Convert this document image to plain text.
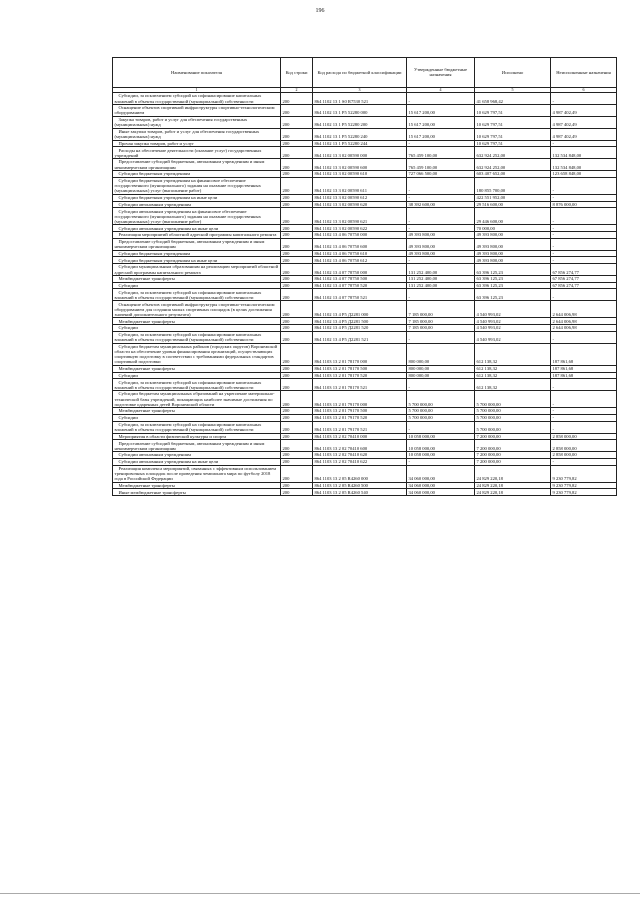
196
Наименование показателя	Код строки	Код расхода по бюджетной классификации	Утвержденные бюджетные назначения	Исполнено	Неисполненные назначения
1	2	3	4	5	6
Субсидии, за исключением субсидий на софинансирование капитальных вложений в объекты государственной (муниципальной) собственности	200	864 1102 13 1 S0 R7530 521	-	41 658 968,42	-
Оснащение объектов спортивной инфраструктуры спортивно-технологическим оборудованием	200	864 1102 13 1 P5 52280 000	15 617 200,00	10 629 797,51	4 987 402,49
Закупка товаров, работ и услуг для обеспечения государственных (муниципальных) нужд	200	864 1102 13 1 P5 52280 200	15 617 200,00	10 629 797,51	4 987 402,49
Иные закупки товаров, работ и услуг для обеспечения государственных (муниципальных) нужд	200	864 1102 13 1 P5 52280 240	15 617 200,00	10 629 797,51	4 987 402,49
Прочая закупка товаров, работ и услуг	200	864 1102 13 1 P5 52280 244	-	10 629 797,51	-
Расходы на обеспечение деятельности (оказание услуг) государственных учреждений	200	864 1102 13 3 02 00590 000	765 459 100,00	632 924 252,00	132 534 848,00
Предоставление субсидий бюджетным, автономным учреждениям и иным некоммерческим организациям	200	864 1102 13 3 02 00590 600	765 459 100,00	632 924 252,00	132 534 848,00
Субсидии бюджетным учреждениям	200	864 1102 13 3 02 00590 610	727 066 500,00	603 407 652,00	123 658 848,00
Субсидии бюджетным учреждениям на финансовое обеспечение государственного (муниципального) задания на оказание государственных (муниципальных) услуг (выполнение работ)	200	864 1102 13 3 02 00590 611	-	180 855 700,00	-
Субсидии бюджетным учреждениям на иные цели	200	864 1102 13 3 02 00590 612	-	422 551 952,00	-
Субсидии автономным учреждениям	200	864 1102 13 3 02 00590 620	38 392 600,00	29 516 600,00	8 876 000,00
Субсидии автономным учреждениям на финансовое обеспечение государственного (муниципального) задания на оказание государственных (муниципальных) услуг (выполнение работ)	200	864 1102 13 3 02 00590 621	-	29 446 600,00	-
Субсидии автономным учреждениям на иные цели	200	864 1102 13 3 02 00590 622	-	70 000,00	-
Реализация мероприятий областной адресной программы капитального ремонта	200	864 1102 13 4 06 70750 000	49 393 800,00	49 393 800,00	-
Предоставление субсидий бюджетным, автономным учреждениям и иным некоммерческим организациям	200	864 1102 13 4 06 70750 600	49 393 800,00	49 393 800,00	-
Субсидии бюджетным учреждениям	200	864 1102 13 4 06 70750 610	49 393 800,00	49 393 800,00	-
Субсидии бюджетным учреждениям на иные цели	200	864 1102 13 4 06 70750 612	-	49 393 800,00	-
Субсидии муниципальным образованиям на реализацию мероприятий областной адресной программы капитального ремонта	200	864 1102 13 4 07 78750 000	131 252 400,00	63 396 125,23	67 856 274,77
Межбюджетные трансферты	200	864 1102 13 4 07 78750 500	131 252 400,00	63 396 125,23	67 856 274,77
Субсидии	200	864 1102 13 4 07 78750 520	131 252 400,00	63 396 125,23	67 856 274,77
Субсидии, за исключением субсидий на софинансирование капитальных вложений в объекты государственной (муниципальной) собственности	200	864 1102 13 4 07 78750 521	-	63 396 125,23	-
Оснащение объектов спортивной инфраструктуры спортивно-технологическим оборудованием для создания малых спортивных площадок (в целях достижения значений дополнительного результата)	200	864 1102 13 4 P5 Д2281 000	7 185 000,00	4 540 993,02	2 644 006,98
Межбюджетные трансферты	200	864 1102 13 4 P5 Д2281 500	7 185 000,00	4 540 993,02	2 644 006,98
Субсидии	200	864 1102 13 4 P5 Д2281 520	7 185 000,00	4 540 993,02	2 644 006,98
Субсидии, за исключением субсидий на софинансирование капитальных вложений в объекты государственной (муниципальной) собственности	200	864 1102 13 4 P5 Д2281 521	-	4 540 993,02	-
Субсидии бюджетам муниципальных районов (городских округов) Воронежской области на обеспечение уровня финансирования организаций, осуществляющих спортивную подготовку в соответствии с требованиями федеральных стандартов спортивной подготовки	200	864 1103 13 2 01 78170 000	800 000,00	612 138,32	187 861,68
Межбюджетные трансферты	200	864 1103 13 2 01 78170 500	800 000,00	612 138,32	187 861,68
Субсидии	200	864 1103 13 2 01 78170 520	800 000,00	612 138,32	187 861,68
Субсидии, за исключением субсидий на софинансирование капитальных вложений в объекты государственной (муниципальной) собственности	200	864 1103 13 2 01 78170 521	-	612 138,32	-
Субсидии бюджетам муниципальных образований на укрепление материально-технической базы учреждений, покащающих наиболее значимые достижения по подготовке одаренных детей Воронежской области	200	864 1103 13 2 01 79170 000	5 700 000,00	5 700 000,00	-
Межбюджетные трансферты	200	864 1103 13 2 01 79170 500	5 700 000,00	5 700 000,00	-
Субсидии	200	864 1103 13 2 01 79170 520	5 700 000,00	5 700 000,00	-
Субсидии, за исключением субсидий на софинансирование капитальных вложений в объекты государственной (муниципальной) собственности	200	864 1103 13 2 01 79170 521	-	5 700 000,00	-
Мероприятия в области физической культуры и спорта	200	864 1103 13 2 02 70410 000	10 058 000,00	7 200 000,00	2 858 000,00
Предоставление субсидий бюджетным, автономным учреждениям и иным некоммерческим организациям	200	864 1103 13 2 02 70410 600	10 058 000,00	7 200 000,00	2 858 000,00
Субсидии автономным учреждениям	200	864 1103 13 2 02 70410 620	10 058 000,00	7 200 000,00	2 858 000,00
Субсидии автономным учреждениям на иные цели	200	864 1103 13 2 02 70410 622	-	7 200 000,00	-
Реализация комплекса мероприятий, связанных с эффективным использованием тренировочных площадок после проведения чемпионата мира по футболу 2018 года в Российской Федерации	200	864 1103 13 2 05 R4260 000	34 060 000,00	24 829 220,18	9 230 779,82
Межбюджетные трансферты	200	864 1103 13 2 05 R4260 500	34 060 000,00	24 829 220,18	9 230 779,82
Иные межбюджетные трансферты	200	864 1103 13 2 05 R4260 540	34 060 000,00	24 829 220,18	9 230 779,82
